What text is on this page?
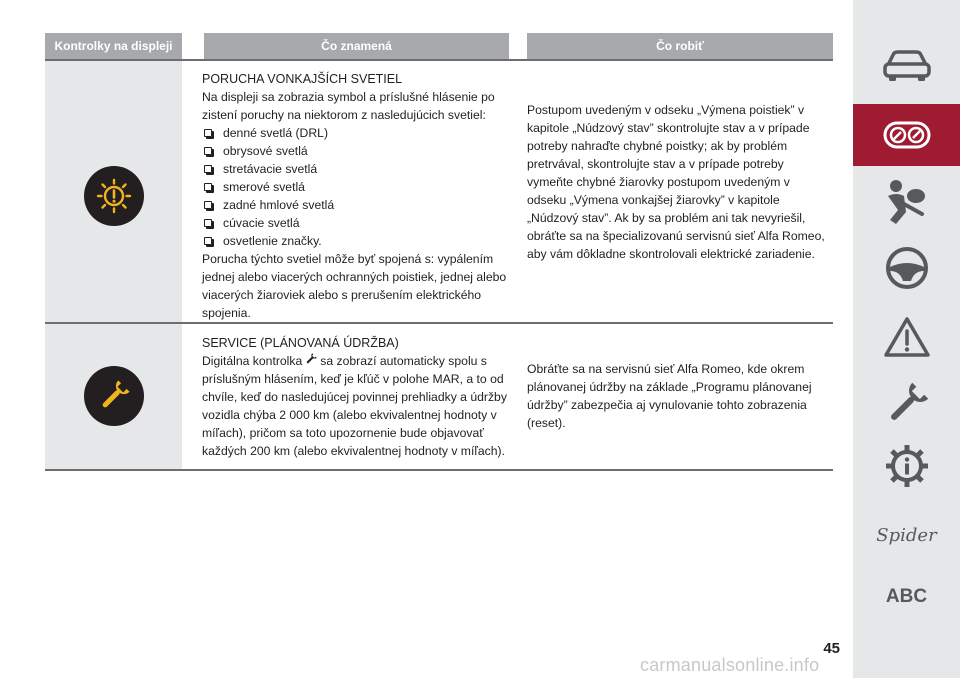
Kontrolky na displeji	Čo znamená	Čo robiť

PORUCHA VONKAJŠÍCH SVETIEL

Na displeji sa zobrazia symbol a príslušné hlásenie po zistení poruchy na niektorom z nasledujúcich svetiel:

denné svetlá (DRL)
obrysové svetlá
stretávacie svetlá
smerové svetlá
zadné hmlové svetlá
cúvacie svetlá
osvetlenie značky.

Porucha týchto svetiel môže byť spojená s: vypálením jednej alebo viacerých ochranných poistiek, jednej alebo viacerých žiaroviek alebo s prerušením elektrického spojenia.

Postupom uvedeným v odseku „Výmena poistiek” v kapitole „Núdzový stav” skontrolujte stav a v prípade potreby nahraďte chybné poistky; ak by problém pretrvával, skontrolujte stav a v prípade potreby vymeňte chybné žiarovky postupom uvedeným v odseku „Výmena vonkajšej žiarovky” v kapitole „Núdzový stav”. Ak by sa problém ani tak nevyriešil, obráťte sa na špecializovanú servisnú sieť Alfa Romeo, aby vám dôkladne skontrolovali elektrické zariadenie.

SERVICE (PLÁNOVANÁ ÚDRŽBA)

Digitálna kontrolka sa zobrazí automaticky spolu s príslušným hlásením, keď je kľúč v polohe MAR, a to od chvíle, keď do nasledujúcej povinnej prehliadky a údržby vozidla chýba 2 000 km (alebo ekvivalentnej hodnoty v míľach), pričom sa toto upozornenie bude objavovať každých 200 km (alebo ekvivalentnej hodnoty v míľach).

Obráťte sa na servisnú sieť Alfa Romeo, kde okrem plánovanej údržby na základe „Programu plánovanej údržby” zabezpečia aj vynulovanie tohto zobrazenia (reset).

Spider
ABC
45
carmanualsonline.info
